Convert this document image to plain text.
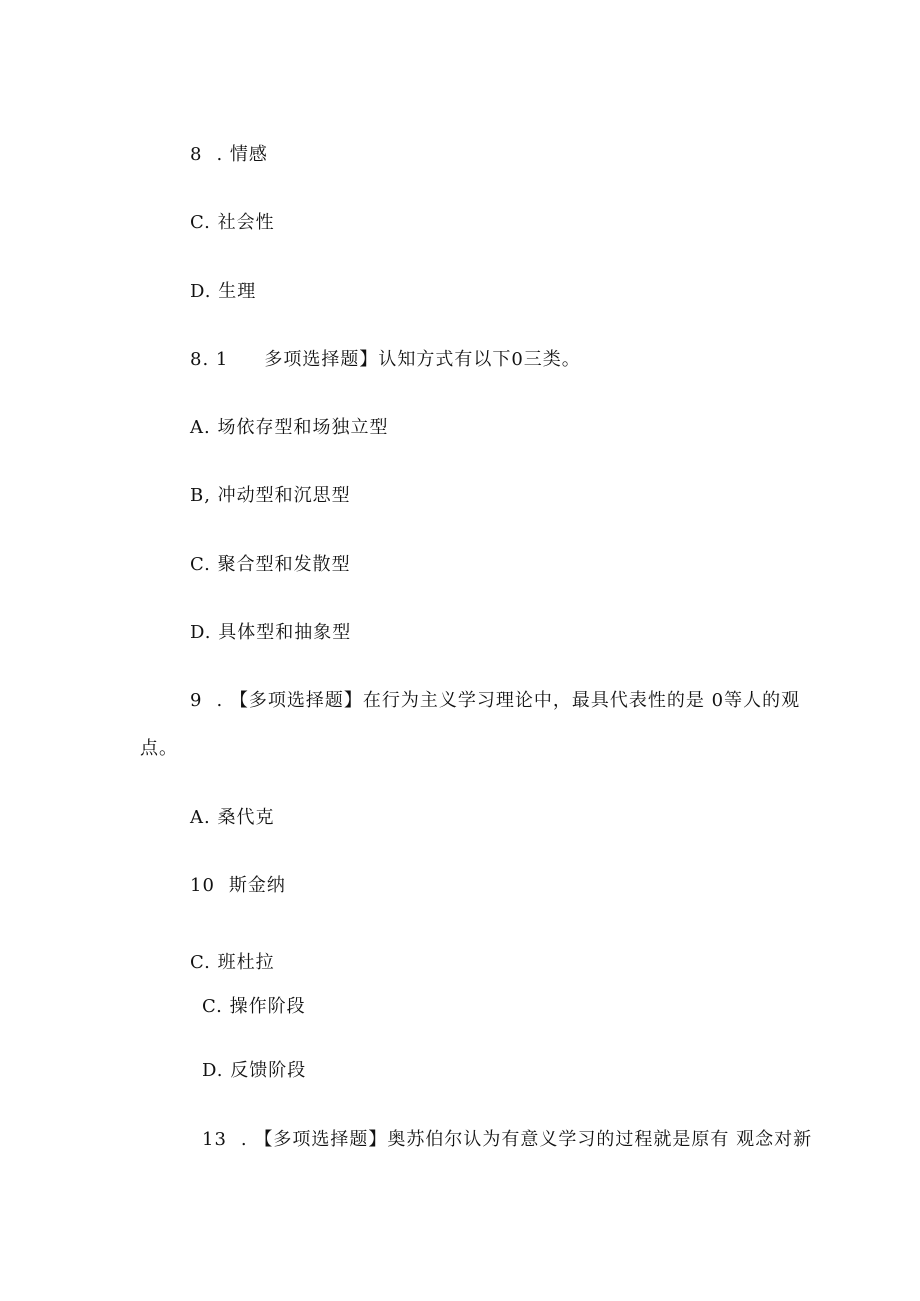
8 . 情感
C. 社会性
D. 生理
8. 1 多项选择题】认知方式有以下0三类。
A. 场依存型和场独立型
B, 冲动型和沉思型
C. 聚合型和发散型
D. 具体型和抽象型
9 . 【多项选择题】在行为主义学习理论中，最具代表性的是 0等人的观
点。
A. 桑代克
10 斯金纳
C. 班杜拉
C. 操作阶段
D. 反馈阶段
13 . 【多项选择题】奥苏伯尔认为有意义学习的过程就是原有 观念对新
